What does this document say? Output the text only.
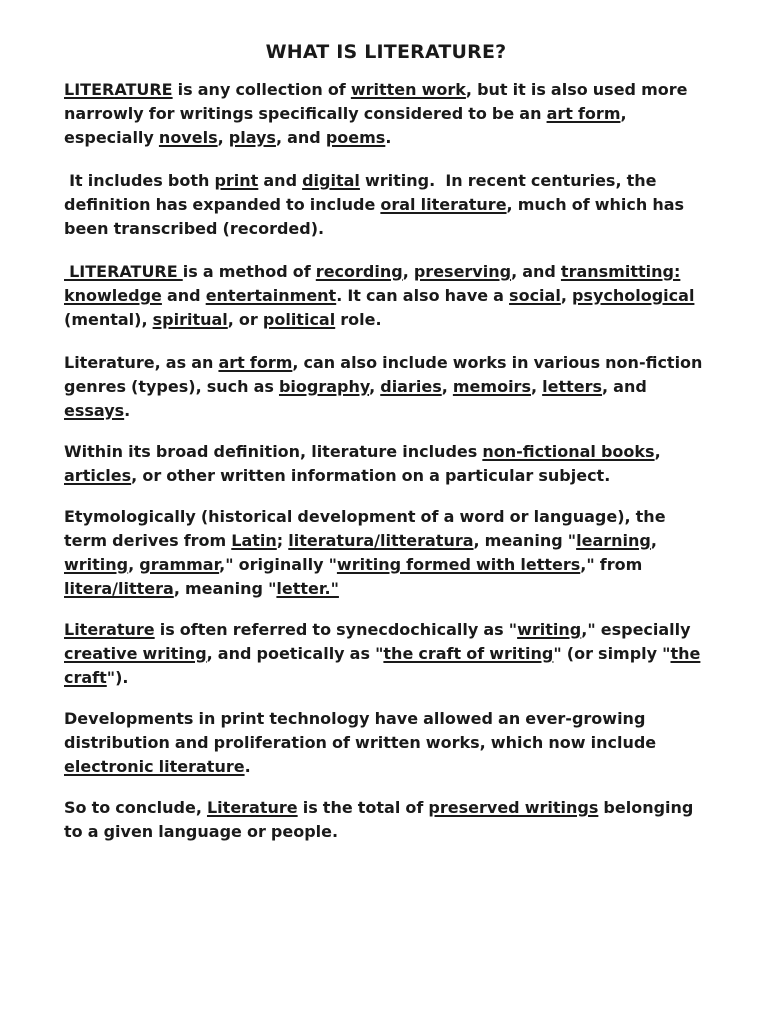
WHAT IS LITERATURE?

LITERATURE is any collection of written work, but it is also used more narrowly for writings specifically considered to be an art form, especially novels, plays, and poems.

It includes both print and digital writing.  In recent centuries, the definition has expanded to include oral literature, much of which has been transcribed (recorded).

LITERATURE is a method of recording, preserving, and transmitting: knowledge and entertainment. It can also have a social, psychological (mental), spiritual, or political role.

Literature, as an art form, can also include works in various non-fiction genres (types), such as biography, diaries, memoirs, letters, and essays.

Within its broad definition, literature includes non-fictional books, articles, or other written information on a particular subject.

Etymologically (historical development of a word or language), the term derives from Latin; literatura/litteratura, meaning "learning, writing, grammar," originally "writing formed with letters," from litera/littera, meaning "letter."

Literature is often referred to synecdochically as "writing," especially creative writing, and poetically as "the craft of writing" (or simply "the craft").

Developments in print technology have allowed an ever-growing distribution and proliferation of written works, which now include electronic literature.

So to conclude, Literature is the total of preserved writings belonging to a given language or people.
